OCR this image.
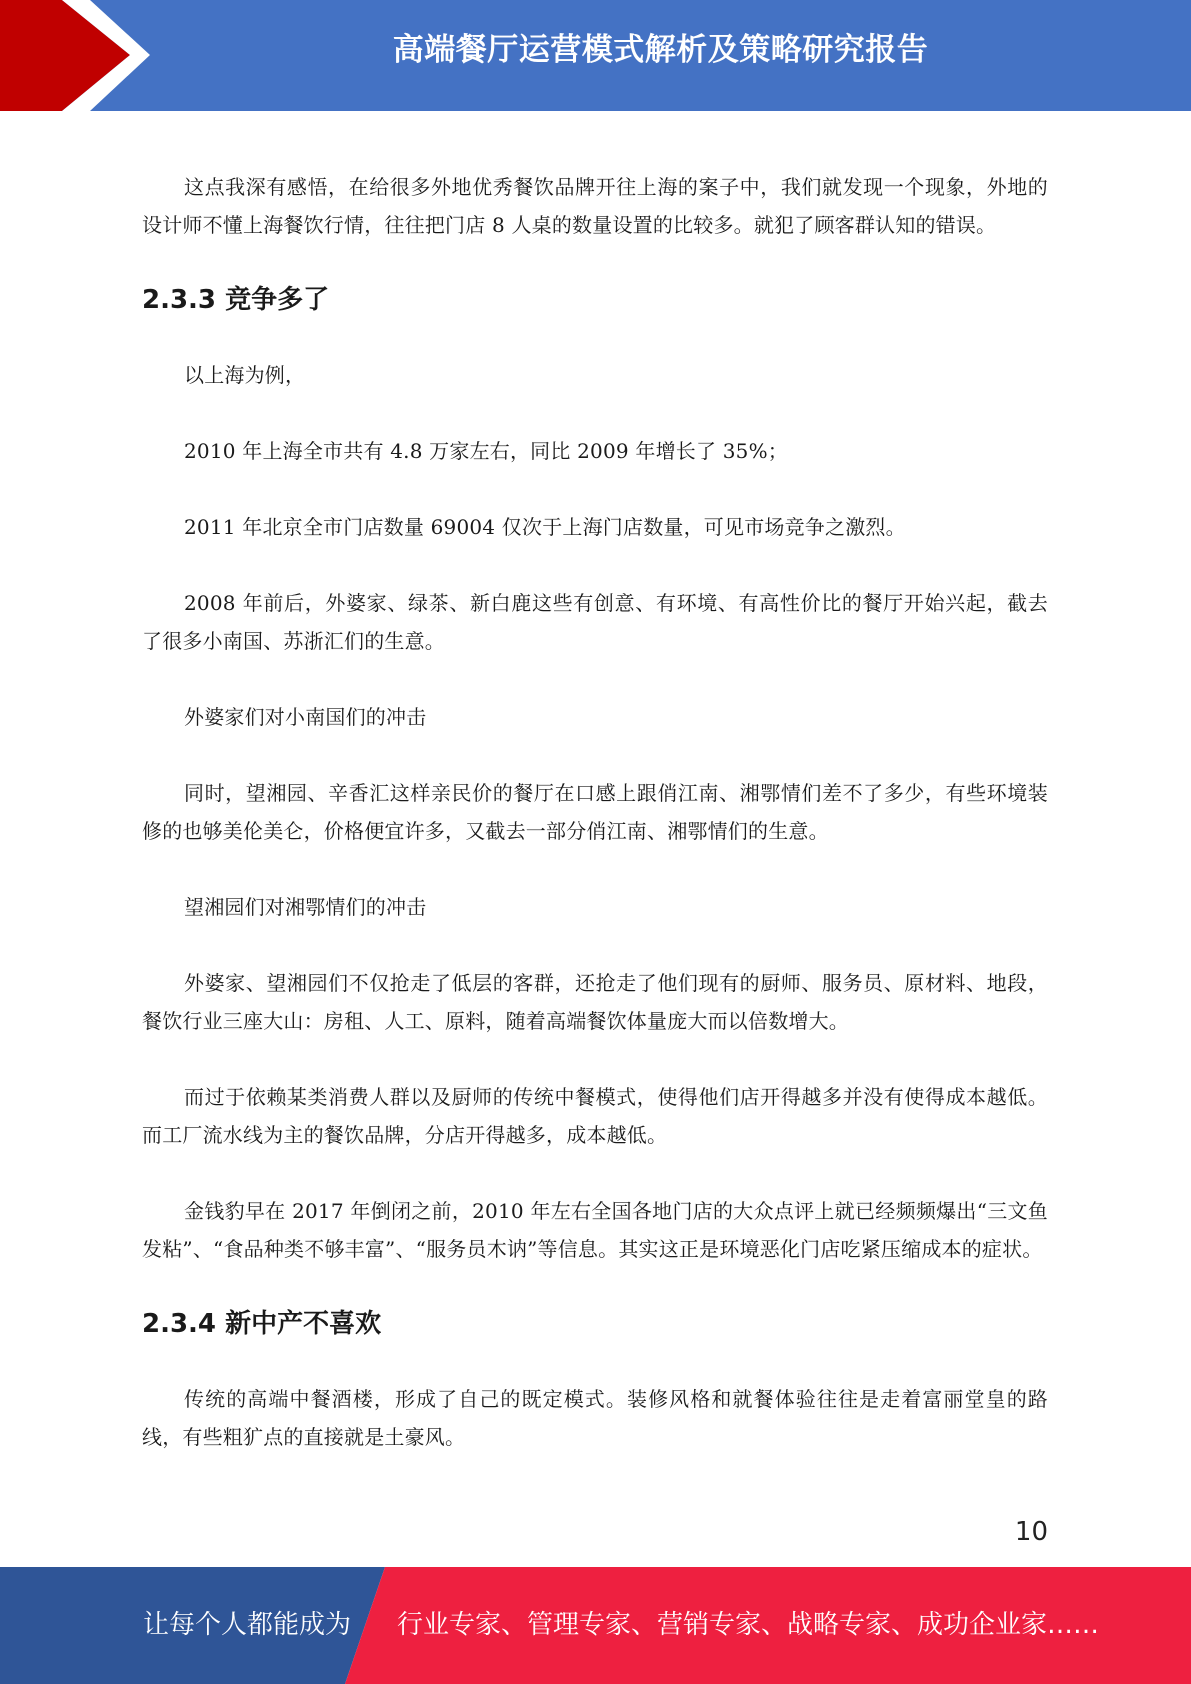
高端餐厅运营模式解析及策略研究报告

这点我深有感悟，在给很多外地优秀餐饮品牌开往上海的案子中，我们就发现一个现象，外地的设计师不懂上海餐饮行情，往往把门店 8 人桌的数量设置的比较多。就犯了顾客群认知的错误。

2.3.3 竞争多了

以上海为例，

2010 年上海全市共有 4.8 万家左右，同比 2009 年增长了 35%；

2011 年北京全市门店数量 69004 仅次于上海门店数量，可见市场竞争之激烈。

2008 年前后，外婆家、绿茶、新白鹿这些有创意、有环境、有高性价比的餐厅开始兴起，截去了很多小南国、苏浙汇们的生意。

外婆家们对小南国们的冲击

同时，望湘园、辛香汇这样亲民价的餐厅在口感上跟俏江南、湘鄂情们差不了多少，有些环境装修的也够美伦美仑，价格便宜许多，又截去一部分俏江南、湘鄂情们的生意。

望湘园们对湘鄂情们的冲击

外婆家、望湘园们不仅抢走了低层的客群，还抢走了他们现有的厨师、服务员、原材料、地段，餐饮行业三座大山：房租、人工、原料，随着高端餐饮体量庞大而以倍数增大。

而过于依赖某类消费人群以及厨师的传统中餐模式，使得他们店开得越多并没有使得成本越低。而工厂流水线为主的餐饮品牌，分店开得越多，成本越低。

金钱豹早在 2017 年倒闭之前，2010 年左右全国各地门店的大众点评上就已经频频爆出“三文鱼发粘”、“食品种类不够丰富”、“服务员木讷”等信息。其实这正是环境恶化门店吃紧压缩成本的症状。

2.3.4 新中产不喜欢

传统的高端中餐酒楼，形成了自己的既定模式。装修风格和就餐体验往往是走着富丽堂皇的路线，有些粗犷点的直接就是土豪风。

10
让每个人都能成为 行业专家、管理专家、营销专家、战略专家、成功企业家……
